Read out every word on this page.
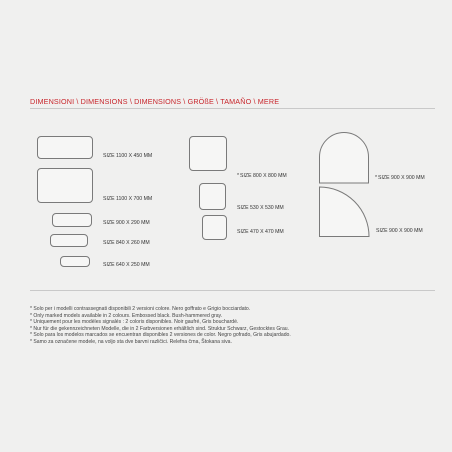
DIMENSIONI \ DIMENSIONS \ DIMENSIONS \ GRÖßE \ TAMAÑO \ MERE
SIZE 1100 X 450 MM
SIZE 1100 X 700 MM
SIZE 900 X 290 MM
SIZE 840 X 260 MM
SIZE 640 X 250 MM
*SIZE 800 X 800 MM
SIZE 530 X 530 MM
SIZE 470 X 470 MM
*SIZE 900 X 900 MM
SIZE 900 X 900 MM
* Solo per i modelli contrassegnati disponibili 2 versioni colore. Nero goffrato e Grigio bocciardato.
* Only marked models available in 2 colours. Embossed black. Bush-hammered gray.
* Uniquement pour les modèles signalés : 2 coloris disponibles. Noir gaufré, Gris bouchardé.
* Nur für die gekennzeichneten Modelle, die in 2 Farbversionen erhältlich sind. Struktur Schwarz, Gestocktes Grau.
* Solo para los modelos marcados se encuentran disponibles 2 versiones de color. Negro gofrado, Gris abujardado.
* Samo za označene modele, na voljo sta dve barvni različici. Relefna črna, Štokana siva.
